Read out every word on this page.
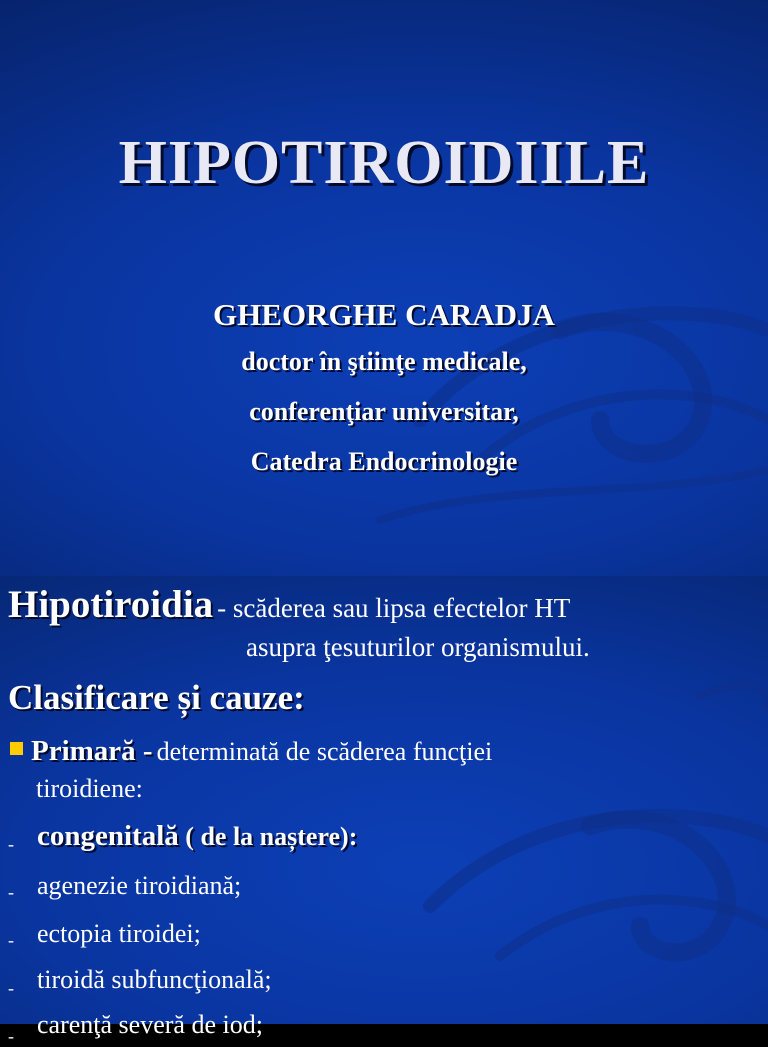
HIPOTIROIDIILE
GHEORGHE CARADJA
doctor în ştiinţe medicale,
conferenţiar universitar,
Catedra Endocrinologie

Hipotiroidia - scăderea sau lipsa efectelor HT

asupra ţesuturilor organismului.

Clasificare și cauze:

Primară - determinată de scăderea funcţiei

tiroidiene:

- congenitală ( de la naștere):

- agenezie tiroidiană;

- ectopia tiroidei;

- tiroidă subfuncţională;

- carenţă severă de iod;
